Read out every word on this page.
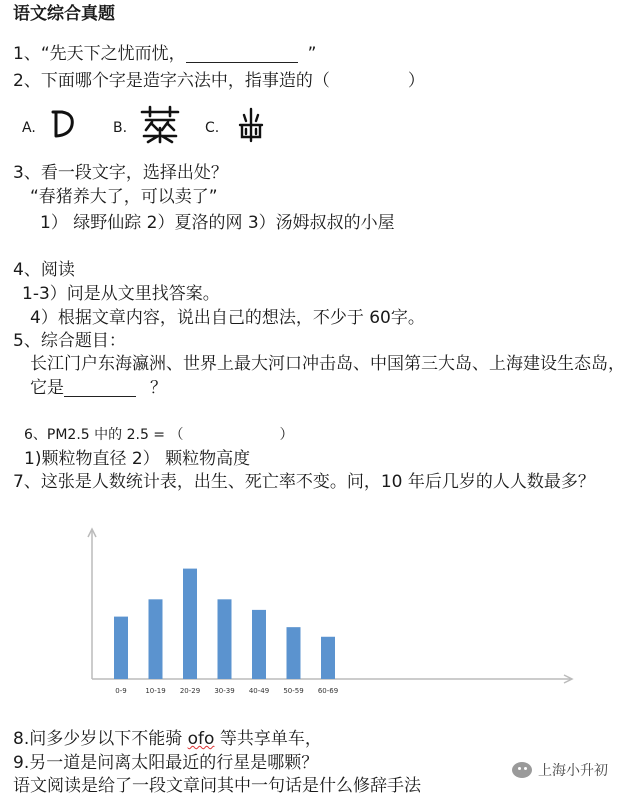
语文综合真题
1、“先天下之忧而忧，	”
2、下面哪个字是造字六法中，指事造的（	）
A.	B.	C.
3、看一段文字，选择出处？
“春猪养大了，可以卖了”
1） 绿野仙踪 2）夏洛的网 3）汤姆叔叔的小屋
4、阅读
1-3）问是从文里找答案。
4）根据文章内容，说出自己的想法，不少于 60字。
5、综合题目：
长江门户东海瀛洲、世界上最大河口冲击岛、中国第三大岛、上海建设生态岛，
它是	？
6、PM2.5 中的 2.5 = （	）
1)颗粒物直径 2） 颗粒物高度
7、这张是人数统计表，出生、死亡率不变。问，10 年后几岁的人人数最多？
0-9	10-19 20-29 30-39 40-49 50-59 60-69
8.问多少岁以下不能骑 ofo 等共享单车，
9.另一道是问离太阳最近的行星是哪颗？
语文阅读是给了一段文章问其中一句话是什么修辞手法
上海小升初
